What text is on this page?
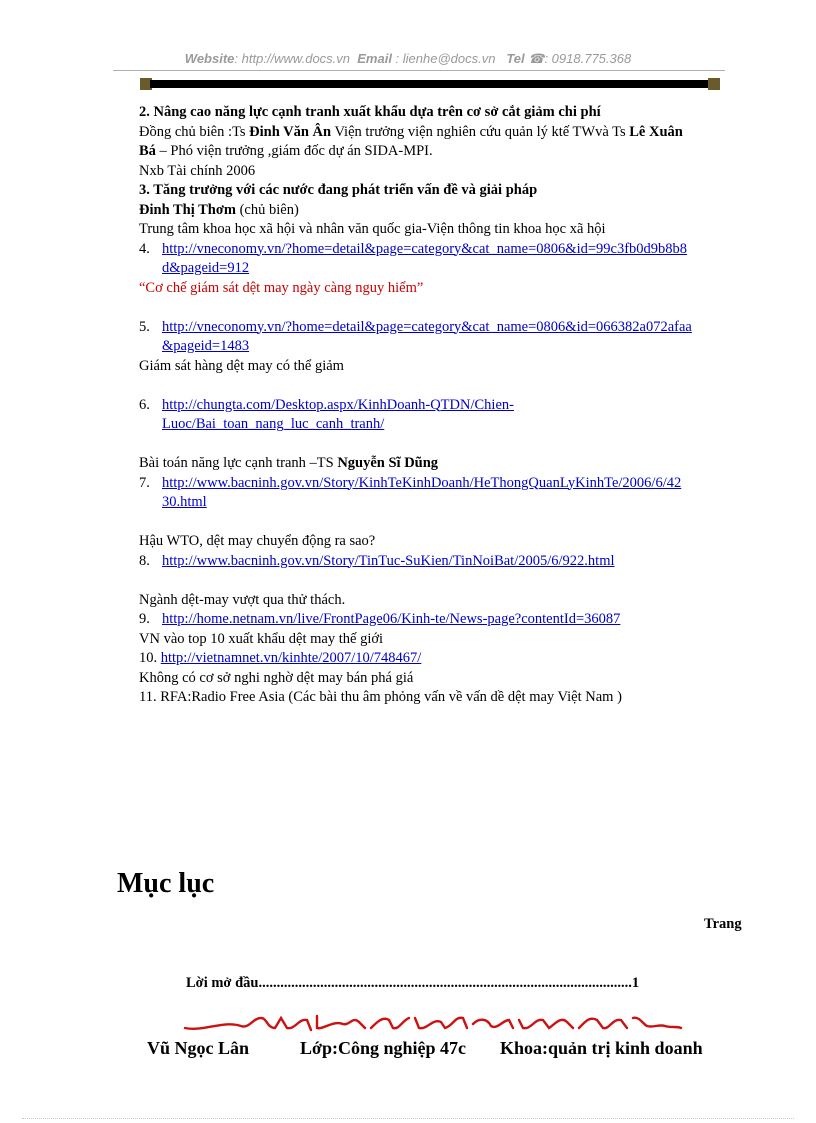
Website: http://www.docs.vn Email : lienhe@docs.vn Tel ☎: 0918.775.368
2. Nâng cao năng lực cạnh tranh xuất khẩu dựa trên cơ sở cắt giảm chi phí
Đồng chủ biên :Ts Đinh Văn Ân Viện trưởng viện nghiên cứu quản lý ktế TWvà Ts Lê Xuân
Bá – Phó viện trưởng ,giám đốc dự án SIDA-MPI.
Nxb Tài chính 2006
3. Tăng trưởng với các nước đang phát triển vấn đề và giải pháp
Đinh Thị Thơm (chủ biên)
Trung tâm khoa học xã hội và nhân văn quốc gia-Viện thông tin khoa học xã hội
4. http://vneconomy.vn/?home=detail&page=category&cat_name=0806&id=99c3fb0d9b8b8
d&pageid=912
“Cơ chế giám sát dệt may ngày càng nguy hiểm”
5. http://vneconomy.vn/?home=detail&page=category&cat_name=0806&id=066382a072afaa
&pageid=1483
Giám sát hàng dệt may có thể giảm
6. http://chungta.com/Desktop.aspx/KinhDoanh-QTDN/Chien-
Luoc/Bai_toan_nang_luc_canh_tranh/
Bài toán năng lực cạnh tranh –TS Nguyễn Sĩ Dũng
7. http://www.bacninh.gov.vn/Story/KinhTeKinhDoanh/HeThongQuanLyKinhTe/2006/6/42
30.html
Hậu WTO, dệt may chuyển động ra sao?
8. http://www.bacninh.gov.vn/Story/TinTuc-SuKien/TinNoiBat/2005/6/922.html
Ngành dệt-may vượt qua thử thách.
9. http://home.netnam.vn/live/FrontPage06/Kinh-te/News-page?contentId=36087
VN vào top 10 xuất khẩu dệt may thế giới
10. http://vietnamnet.vn/kinhte/2007/10/748467/
Không có cơ sở nghi nghờ dệt may bán phá giá
11. RFA:Radio Free Asia (Các bài thu âm phỏng vấn về vấn dề dệt may Việt Nam )
Mục lục
Trang
Lời mở đầu.......................................................................................................1
Vũ Ngọc Lân	Lớp:Công nghiệp 47c Khoa:quản trị kinh doanh
